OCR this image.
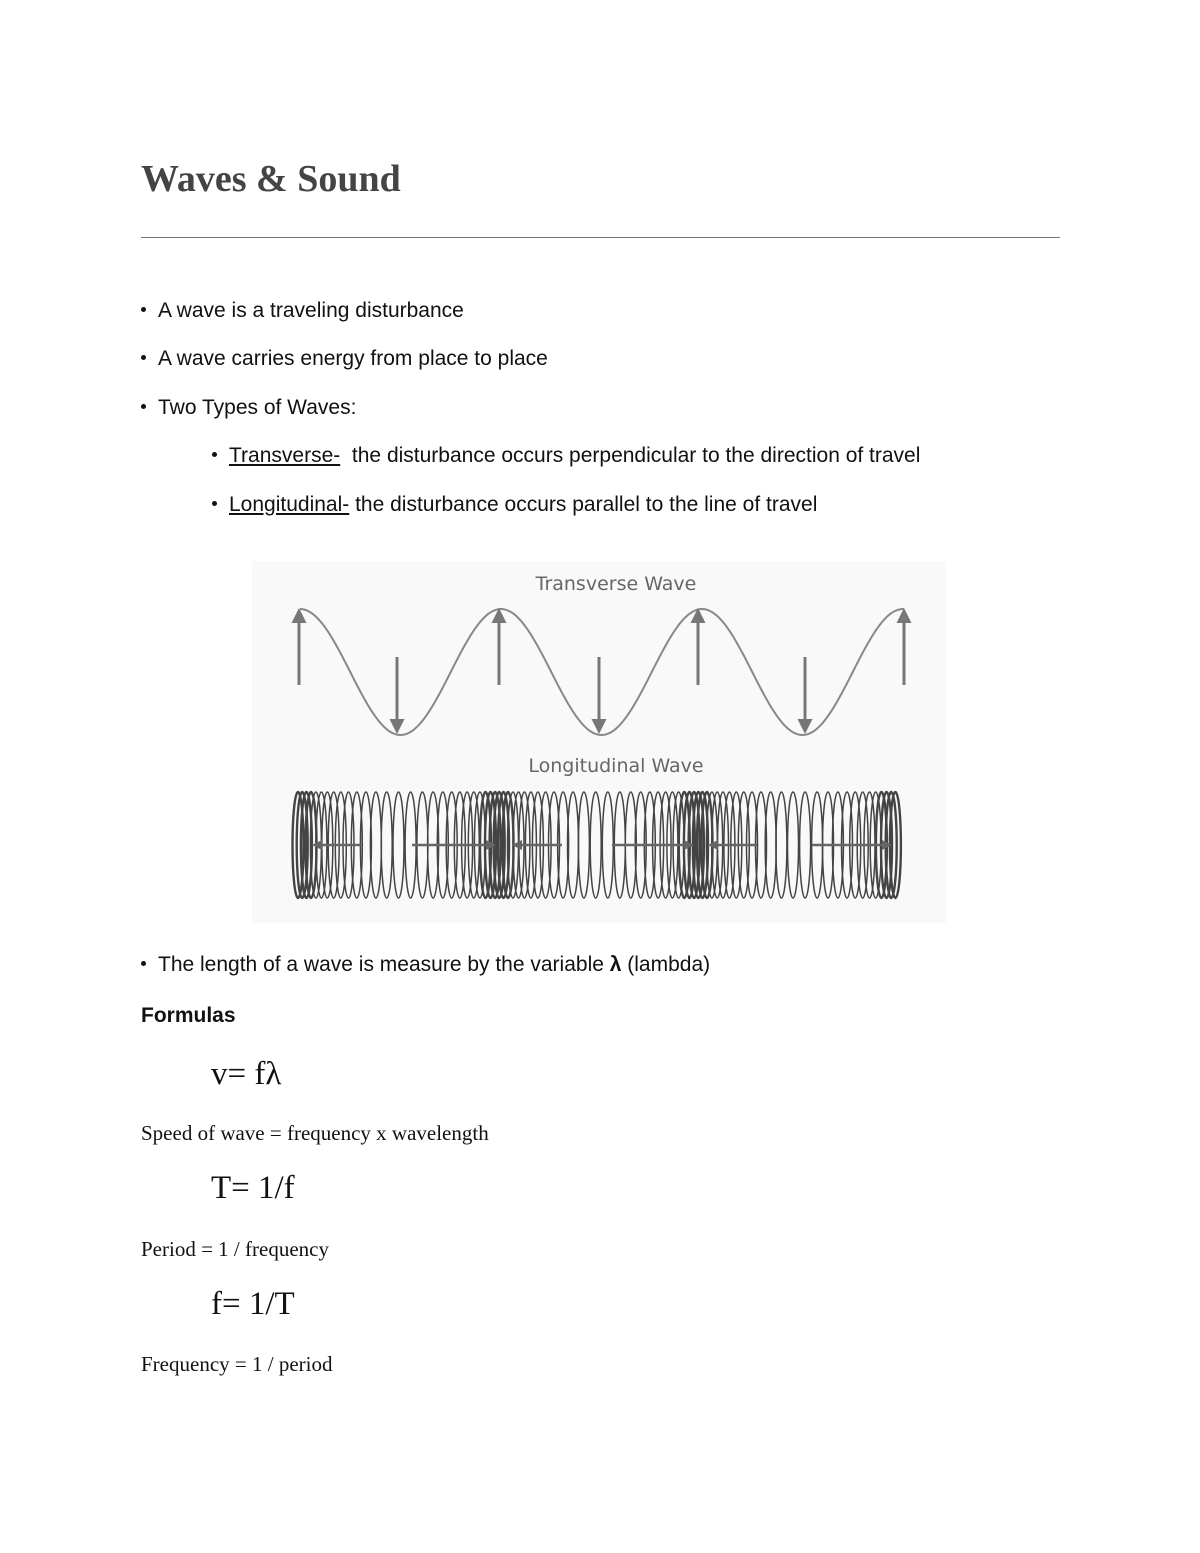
Waves & Sound

A wave is a traveling disturbance

A wave carries energy from place to place

Two Types of Waves:

Transverse-  the disturbance occurs perpendicular to the direction of travel

Longitudinal- the disturbance occurs parallel to the line of travel

Transverse Wave
Longitudinal Wave

The length of a wave is measure by the variable λ (lambda)

Formulas

v= fλ

Speed of wave = frequency x wavelength

T= 1/f

Period = 1 / frequency

f= 1/T

Frequency = 1 / period
